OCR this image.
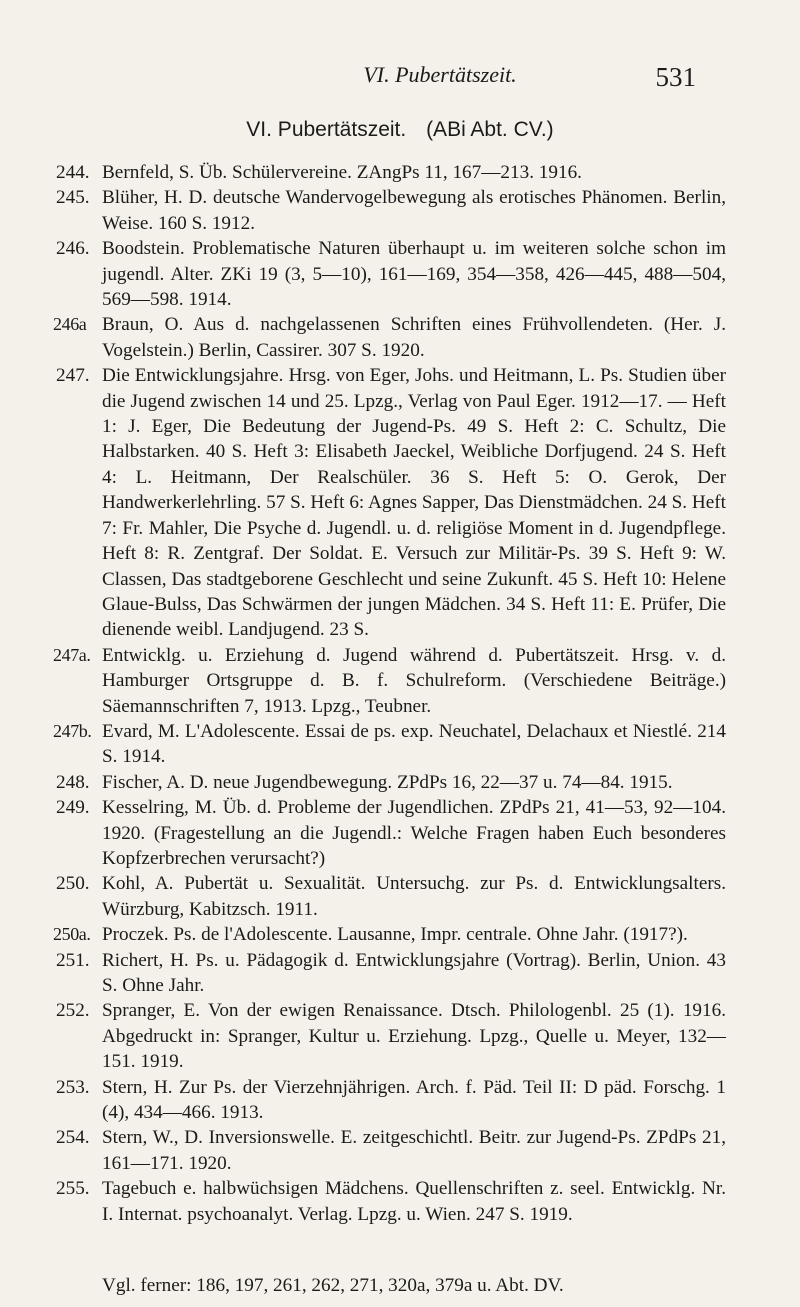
VI. Pubertätszeit.	531
VI. Pubertätszeit. (ABi Abt. CV.)
244. Bernfeld, S. Üb. Schülervereine. ZAngPs 11, 167—213. 1916.
245. Blüher, H. D. deutsche Wandervogelbewegung als erotisches Phänomen. Berlin, Weise. 160 S. 1912.
246. Boodstein. Problematische Naturen überhaupt u. im weiteren solche schon im jugendl. Alter. ZKi 19 (3, 5—10), 161—169, 354—358, 426—445, 488—504, 569—598. 1914.
246a Braun, O. Aus d. nachgelassenen Schriften eines Frühvollendeten. (Her. J. Vogelstein.) Berlin, Cassirer. 307 S. 1920.
247. Die Entwicklungsjahre. Hrsg. von Eger, Johs. und Heitmann, L. Ps. Studien über die Jugend zwischen 14 und 25. Lpzg., Verlag von Paul Eger. 1912—17. — Heft 1: J. Eger, Die Bedeutung der Jugend-Ps. 49 S. Heft 2: C. Schultz, Die Halbstarken. 40 S. Heft 3: Elisabeth Jaeckel, Weibliche Dorfjugend. 24 S. Heft 4: L. Heitmann, Der Realschüler. 36 S. Heft 5: O. Gerok, Der Handwerkerlehrling. 57 S. Heft 6: Agnes Sapper, Das Dienstmädchen. 24 S. Heft 7: Fr. Mahler, Die Psyche d. Jugendl. u. d. religiöse Moment in d. Jugendpflege. Heft 8: R. Zentgraf. Der Soldat. E. Versuch zur Militär-Ps. 39 S. Heft 9: W. Classen, Das stadtgeborene Geschlecht und seine Zukunft. 45 S. Heft 10: Helene Glaue-Bulss, Das Schwärmen der jungen Mädchen. 34 S. Heft 11: E. Prüfer, Die dienende weibl. Landjugend. 23 S.
247a. Entwicklg. u. Erziehung d. Jugend während d. Pubertätszeit. Hrsg. v. d. Hamburger Ortsgruppe d. B. f. Schulreform. (Verschiedene Beiträge.) Säemannschriften 7, 1913. Lpzg., Teubner.
247b. Evard, M. L'Adolescente. Essai de ps. exp. Neuchatel, Delachaux et Niestlé. 214 S. 1914.
248. Fischer, A. D. neue Jugendbewegung. ZPdPs 16, 22—37 u. 74—84. 1915.
249. Kesselring, M. Üb. d. Probleme der Jugendlichen. ZPdPs 21, 41—53, 92—104. 1920. (Fragestellung an die Jugendl.: Welche Fragen haben Euch besonderes Kopfzerbrechen verursacht?)
250. Kohl, A. Pubertät u. Sexualität. Untersuchg. zur Ps. d. Entwicklungsalters. Würzburg, Kabitzsch. 1911.
250a. Proczek. Ps. de l'Adolescente. Lausanne, Impr. centrale. Ohne Jahr. (1917?).
251. Richert, H. Ps. u. Pädagogik d. Entwicklungsjahre (Vortrag). Berlin, Union. 43 S. Ohne Jahr.
252. Spranger, E. Von der ewigen Renaissance. Dtsch. Philologenbl. 25 (1). 1916. Abgedruckt in: Spranger, Kultur u. Erziehung. Lpzg., Quelle u. Meyer, 132—151. 1919.
253. Stern, H. Zur Ps. der Vierzehnjährigen. Arch. f. Päd. Teil II: D päd. Forschg. 1 (4), 434—466. 1913.
254. Stern, W., D. Inversionswelle. E. zeitgeschichtl. Beitr. zur Jugend-Ps. ZPdPs 21, 161—171. 1920.
255. Tagebuch e. halbwüchsigen Mädchens. Quellenschriften z. seel. Entwicklg. Nr. I. Internat. psychoanalyt. Verlag. Lpzg. u. Wien. 247 S. 1919.
Vgl. ferner: 186, 197, 261, 262, 271, 320a, 379a u. Abt. DV.
